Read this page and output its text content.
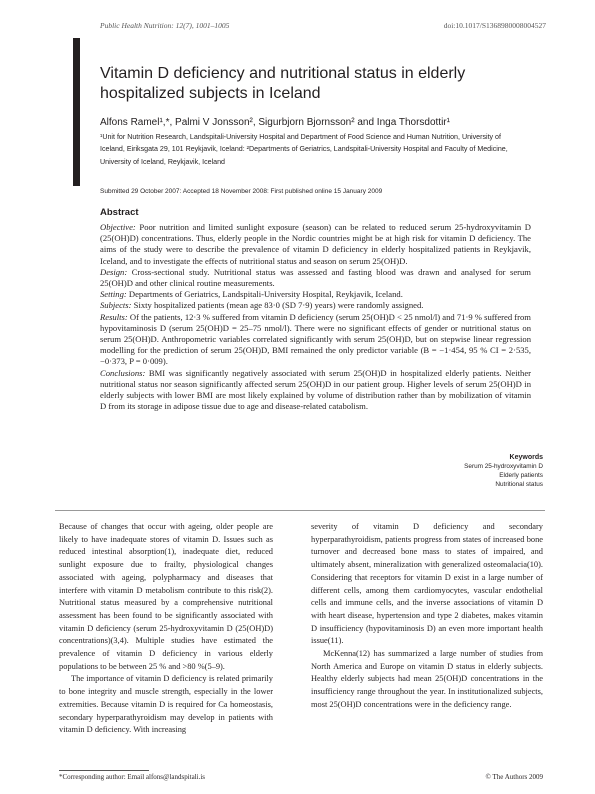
Public Health Nutrition: 12(7), 1001–1005	doi:10.1017/S1368980008004527
Vitamin D deficiency and nutritional status in elderly hospitalized subjects in Iceland
Alfons Ramel¹,*, Palmi V Jonsson², Sigurbjorn Bjornsson² and Inga Thorsdottir¹
¹Unit for Nutrition Research, Landspitali-University Hospital and Department of Food Science and Human Nutrition, University of Iceland, Eiriksgata 29, 101 Reykjavik, Iceland: ²Departments of Geriatrics, Landspitali-University Hospital and Faculty of Medicine, University of Iceland, Reykjavik, Iceland
Submitted 29 October 2007: Accepted 18 November 2008: First published online 15 January 2009
Abstract

Objective: Poor nutrition and limited sunlight exposure (season) can be related to reduced serum 25-hydroxyvitamin D (25(OH)D) concentrations. Thus, elderly people in the Nordic countries might be at high risk for vitamin D deficiency. The aims of the study were to describe the prevalence of vitamin D deficiency in elderly hospitalized patients in Reykjavik, Iceland, and to investigate the effects of nutritional status and season on serum 25(OH)D.

Design: Cross-sectional study. Nutritional status was assessed and fasting blood was drawn and analysed for serum 25(OH)D and other clinical routine measurements.

Setting: Departments of Geriatrics, Landspitali-University Hospital, Reykjavik, Iceland.

Subjects: Sixty hospitalized patients (mean age 83·0 (SD 7·9) years) were randomly assigned.

Results: Of the patients, 12·3 % suffered from vitamin D deficiency (serum 25(OH)D < 25 nmol/l) and 71·9 % suffered from hypovitaminosis D (serum 25(OH)D = 25–75 nmol/l). There were no significant effects of gender or nutritional status on serum 25(OH)D. Anthropometric variables correlated significantly with serum 25(OH)D, but on stepwise linear regression modelling for the prediction of serum 25(OH)D, BMI remained the only predictor variable (B = −1·454, 95 % CI = 2·535, −0·373, P = 0·009).

Conclusions: BMI was significantly negatively associated with serum 25(OH)D in hospitalized elderly patients. Neither nutritional status nor season significantly affected serum 25(OH)D in our patient group. Higher levels of serum 25(OH)D in elderly subjects with lower BMI are most likely explained by volume of distribution rather than by mobilization of vitamin D from its storage in adipose tissue due to age and disease-related catabolism.

Keywords
Serum 25-hydroxyvitamin D
Elderly patients
Nutritional status

Because of changes that occur with ageing, older people are likely to have inadequate stores of vitamin D. Issues such as reduced intestinal absorption(1), inadequate diet, reduced sunlight exposure due to frailty, physiological changes associated with ageing, polypharmacy and diseases that interfere with vitamin D metabolism contribute to this risk(2). Nutritional status measured by a comprehensive nutritional assessment has been found to be significantly associated with vitamin D deficiency (serum 25-hydroxyvitamin D (25(OH)D) concentrations)(3,4). Multiple studies have estimated the prevalence of vitamin D deficiency in various elderly populations to be between 25 % and >80 %(5–9).

The importance of vitamin D deficiency is related primarily to bone integrity and muscle strength, especially in the lower extremities. Because vitamin D is required for Ca homeostasis, secondary hyperparathyroidism may develop in patients with vitamin D deficiency. With increasing

severity of vitamin D deficiency and secondary hyperparathyroidism, patients progress from states of increased bone turnover and decreased bone mass to states of impaired, and ultimately absent, mineralization with generalized osteomalacia(10). Considering that receptors for vitamin D exist in a large number of different cells, among them cardiomyocytes, vascular endothelial cells and immune cells, and the inverse associations of vitamin D with heart disease, hypertension and type 2 diabetes, makes vitamin D insufficiency (hypovitaminosis D) an even more important health issue(11).

McKenna(12) has summarized a large number of studies from North America and Europe on vitamin D status in elderly subjects. Healthy elderly subjects had mean 25(OH)D concentrations in the insufficiency range throughout the year. In institutionalized subjects, most 25(OH)D concentrations were in the deficiency range.

*Corresponding author: Email alfons@landspitali.is	© The Authors 2009
